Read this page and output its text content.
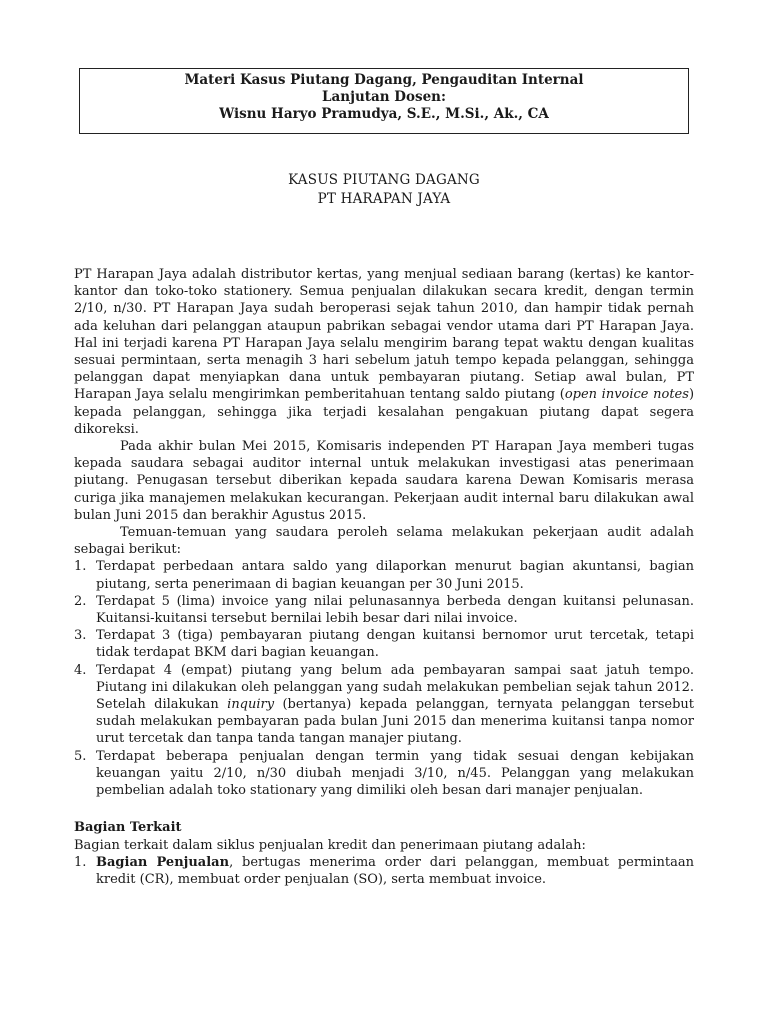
Materi Kasus Piutang Dagang, Pengauditan Internal
Lanjutan Dosen:
Wisnu Haryo Pramudya, S.E., M.Si., Ak., CA
KASUS PIUTANG DAGANG
PT HARAPAN JAYA

PT Harapan Jaya adalah distributor kertas, yang menjual sediaan barang (kertas) ke kantor-kantor dan toko-toko stationery. Semua penjualan dilakukan secara kredit, dengan termin 2/10, n/30. PT Harapan Jaya sudah beroperasi sejak tahun 2010, dan hampir tidak pernah ada keluhan dari pelanggan ataupun pabrikan sebagai vendor utama dari PT Harapan Jaya. Hal ini terjadi karena PT Harapan Jaya selalu mengirim barang tepat waktu dengan kualitas sesuai permintaan, serta menagih 3 hari sebelum jatuh tempo kepada pelanggan, sehingga pelanggan dapat menyiapkan dana untuk pembayaran piutang. Setiap awal bulan, PT Harapan Jaya selalu mengirimkan pemberitahuan tentang saldo piutang (open invoice notes) kepada pelanggan, sehingga jika terjadi kesalahan pengakuan piutang dapat segera dikoreksi.

Pada akhir bulan Mei 2015, Komisaris independen PT Harapan Jaya memberi tugas kepada saudara sebagai auditor internal untuk melakukan investigasi atas penerimaan piutang. Penugasan tersebut diberikan kepada saudara karena Dewan Komisaris merasa curiga jika manajemen melakukan kecurangan. Pekerjaan audit internal baru dilakukan awal bulan Juni 2015 dan berakhir Agustus 2015.

Temuan-temuan yang saudara peroleh selama melakukan pekerjaan audit adalah sebagai berikut:

1. Terdapat perbedaan antara saldo yang dilaporkan menurut bagian akuntansi, bagian piutang, serta penerimaan di bagian keuangan per 30 Juni 2015.
2. Terdapat 5 (lima) invoice yang nilai pelunasannya berbeda dengan kuitansi pelunasan. Kuitansi-kuitansi tersebut bernilai lebih besar dari nilai invoice.
3. Terdapat 3 (tiga) pembayaran piutang dengan kuitansi bernomor urut tercetak, tetapi tidak terdapat BKM dari bagian keuangan.
4. Terdapat 4 (empat) piutang yang belum ada pembayaran sampai saat jatuh tempo. Piutang ini dilakukan oleh pelanggan yang sudah melakukan pembelian sejak tahun 2012. Setelah dilakukan inquiry (bertanya) kepada pelanggan, ternyata pelanggan tersebut sudah melakukan pembayaran pada bulan Juni 2015 dan menerima kuitansi tanpa nomor urut tercetak dan tanpa tanda tangan manajer piutang.
5. Terdapat beberapa penjualan dengan termin yang tidak sesuai dengan kebijakan keuangan yaitu 2/10, n/30 diubah menjadi 3/10, n/45. Pelanggan yang melakukan pembelian adalah toko stationary yang dimiliki oleh besan dari manajer penjualan.

Bagian Terkait

Bagian terkait dalam siklus penjualan kredit dan penerimaan piutang adalah:

1. Bagian Penjualan, bertugas menerima order dari pelanggan, membuat permintaan kredit (CR), membuat order penjualan (SO), serta membuat invoice.
